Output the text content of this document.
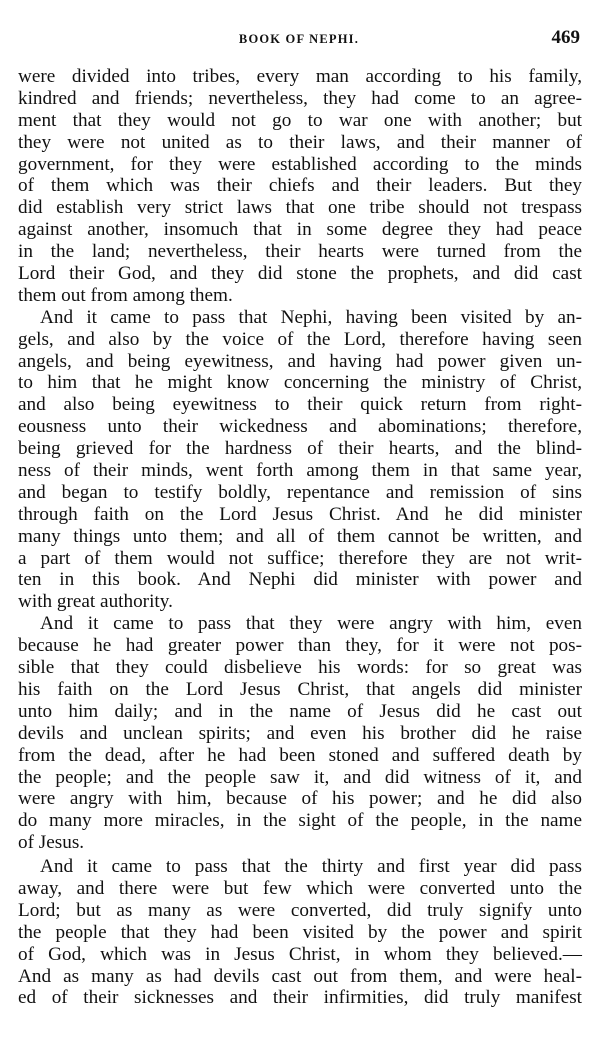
BOOK OF NEPHI.	469
were divided into tribes, every man according to his family,
kindred and friends; nevertheless, they had come to an agree-
ment that they would not go to war one with another; but
they were not united as to their laws, and their manner of
government, for they were established according to the minds
of them which was their chiefs and their leaders. But they
did establish very strict laws that one tribe should not trespass
against another, insomuch that in some degree they had peace
in the land; nevertheless, their hearts were turned from the
Lord their God, and they did stone the prophets, and did cast
them out from among them.
And it came to pass that Nephi, having been visited by an-
gels, and also by the voice of the Lord, therefore having seen
angels, and being eyewitness, and having had power given un-
to him that he might know concerning the ministry of Christ,
and also being eyewitness to their quick return from right-
eousness unto their wickedness and abominations; therefore,
being grieved for the hardness of their hearts, and the blind-
ness of their minds, went forth among them in that same year,
and began to testify boldly, repentance and remission of sins
through faith on the Lord Jesus Christ. And he did minister
many things unto them; and all of them cannot be written, and
a part of them would not suffice; therefore they are not writ-
ten in this book. And Nephi did minister with power and
with great authority.
And it came to pass that they were angry with him, even
because he had greater power than they, for it were not pos-
sible that they could disbelieve his words: for so great was
his faith on the Lord Jesus Christ, that angels did minister
unto him daily; and in the name of Jesus did he cast out
devils and unclean spirits; and even his brother did he raise
from the dead, after he had been stoned and suffered death by
the people; and the people saw it, and did witness of it, and
were angry with him, because of his power; and he did also
do many more miracles, in the sight of the people, in the name
of Jesus.
And it came to pass that the thirty and first year did pass
away, and there were but few which were converted unto the
Lord; but as many as were converted, did truly signify unto
the people that they had been visited by the power and spirit
of God, which was in Jesus Christ, in whom they believed.—
And as many as had devils cast out from them, and were heal-
ed of their sicknesses and their infirmities, did truly manifest
